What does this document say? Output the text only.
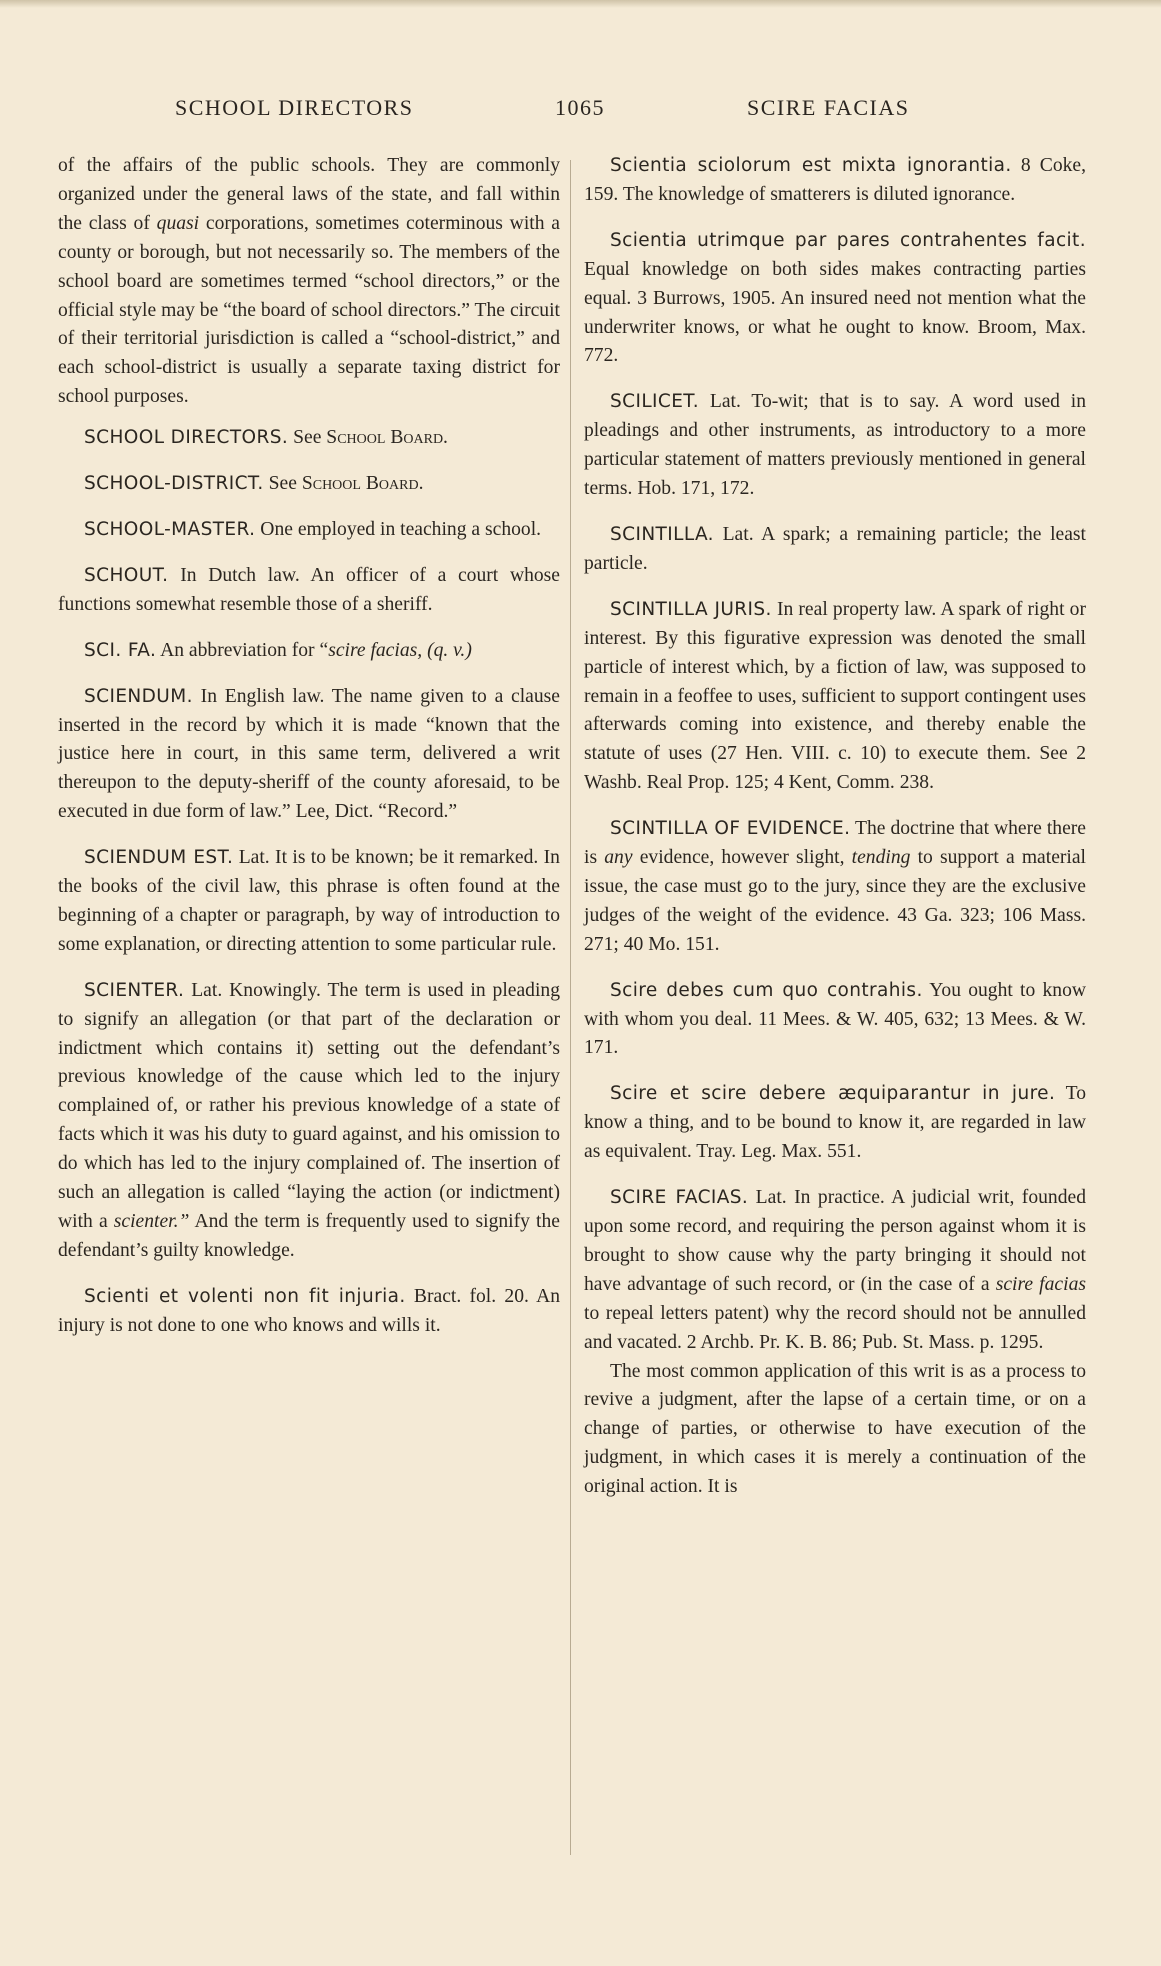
SCHOOL DIRECTORS	1065	SCIRE FACIAS

of the affairs of the public schools. They are commonly organized under the general laws of the state, and fall within the class of quasi corporations, sometimes coterminous with a county or borough, but not necessarily so. The members of the school board are sometimes termed “school directors,” or the official style may be “the board of school directors.” The circuit of their territorial jurisdiction is called a “school-district,” and each school-district is usually a separate taxing district for school purposes.

SCHOOL DIRECTORS. See School Board.

SCHOOL-DISTRICT. See School Board.

SCHOOL-MASTER. One employed in teaching a school.

SCHOUT. In Dutch law. An officer of a court whose functions somewhat resemble those of a sheriff.

SCI. FA. An abbreviation for “scire facias, (q. v.)

SCIENDUM. In English law. The name given to a clause inserted in the record by which it is made “known that the justice here in court, in this same term, delivered a writ thereupon to the deputy-sheriff of the county aforesaid, to be executed in due form of law.” Lee, Dict. “Record.”

SCIENDUM EST. Lat. It is to be known; be it remarked. In the books of the civil law, this phrase is often found at the beginning of a chapter or paragraph, by way of introduction to some explanation, or directing attention to some particular rule.

SCIENTER. Lat. Knowingly. The term is used in pleading to signify an allegation (or that part of the declaration or indictment which contains it) setting out the defendant’s previous knowledge of the cause which led to the injury complained of, or rather his previous knowledge of a state of facts which it was his duty to guard against, and his omission to do which has led to the injury complained of. The insertion of such an allegation is called “laying the action (or indictment) with a scienter.” And the term is frequently used to signify the defendant’s guilty knowledge.

Scienti et volenti non fit injuria. Bract. fol. 20. An injury is not done to one who knows and wills it.

Scientia sciolorum est mixta ignorantia. 8 Coke, 159. The knowledge of smatterers is diluted ignorance.

Scientia utrimque par pares contrahentes facit. Equal knowledge on both sides makes contracting parties equal. 3 Burrows, 1905. An insured need not mention what the underwriter knows, or what he ought to know. Broom, Max. 772.

SCILICET. Lat. To-wit; that is to say. A word used in pleadings and other instruments, as introductory to a more particular statement of matters previously mentioned in general terms. Hob. 171, 172.

SCINTILLA. Lat. A spark; a remaining particle; the least particle.

SCINTILLA JURIS. In real property law. A spark of right or interest. By this figurative expression was denoted the small particle of interest which, by a fiction of law, was supposed to remain in a feoffee to uses, sufficient to support contingent uses afterwards coming into existence, and thereby enable the statute of uses (27 Hen. VIII. c. 10) to execute them. See 2 Washb. Real Prop. 125; 4 Kent, Comm. 238.

SCINTILLA OF EVIDENCE. The doctrine that where there is any evidence, however slight, tending to support a material issue, the case must go to the jury, since they are the exclusive judges of the weight of the evidence. 43 Ga. 323; 106 Mass. 271; 40 Mo. 151.

Scire debes cum quo contrahis. You ought to know with whom you deal. 11 Mees. & W. 405, 632; 13 Mees. & W. 171.

Scire et scire debere æquiparantur in jure. To know a thing, and to be bound to know it, are regarded in law as equivalent. Tray. Leg. Max. 551.

SCIRE FACIAS. Lat. In practice. A judicial writ, founded upon some record, and requiring the person against whom it is brought to show cause why the party bringing it should not have advantage of such record, or (in the case of a scire facias to repeal letters patent) why the record should not be annulled and vacated. 2 Archb. Pr. K. B. 86; Pub. St. Mass. p. 1295.

The most common application of this writ is as a process to revive a judgment, after the lapse of a certain time, or on a change of parties, or otherwise to have execution of the judgment, in which cases it is merely a continuation of the original action. It is
